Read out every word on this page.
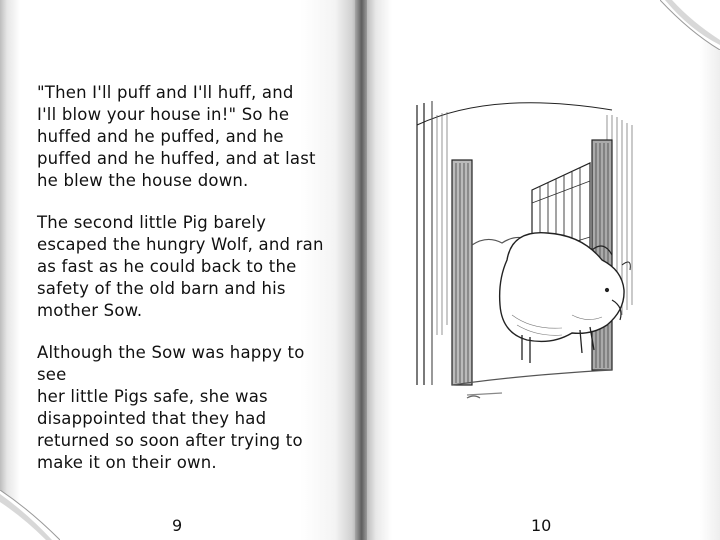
"Then I'll puff and I'll huff, and
I'll blow your house in!" So he
huffed and he puffed, and he
puffed and he huffed, and at last
he blew the house down.

The second little Pig barely
escaped the hungry Wolf, and ran
as fast as he could back to the
safety of the old barn and his
mother Sow.

Although the Sow was happy to see
her little Pigs safe, she was
disappointed that they had
returned so soon after trying to
make it on their own.

9	10
